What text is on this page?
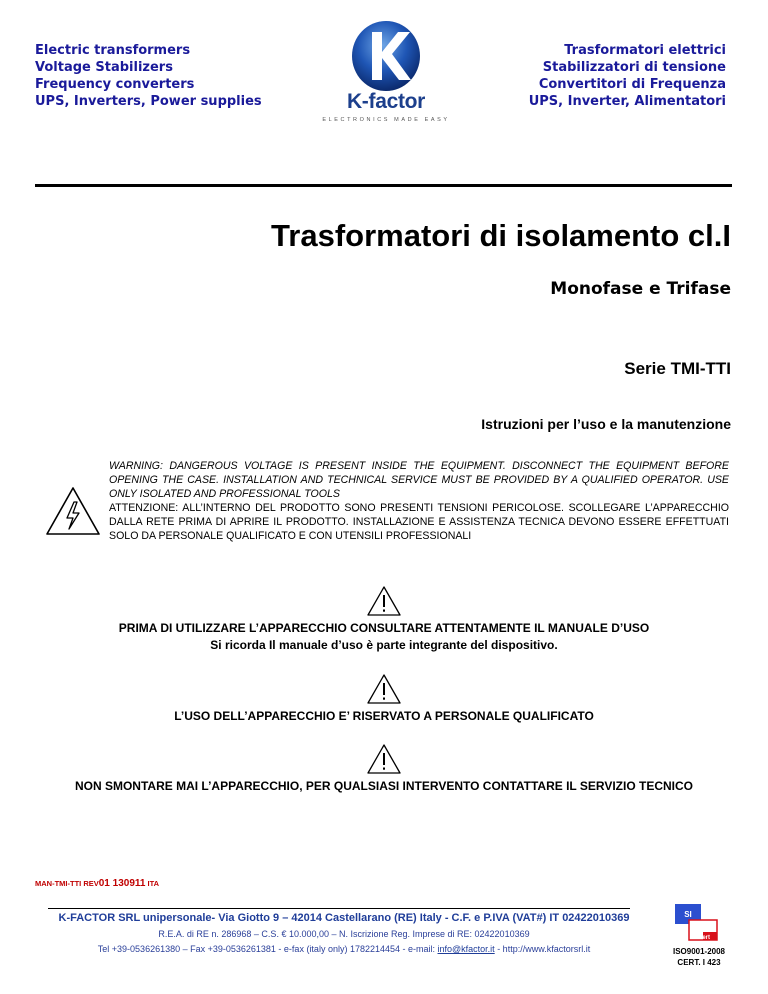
Electric transformers
Voltage Stabilizers
Frequency converters
UPS, Inverters, Power supplies	K-factor
ELECTRONICS MADE EASY
Trasformatori elettrici
Stabilizzatori di tensione
Convertitori di Frequenza
UPS, Inverter, Alimentatori
Trasformatori di isolamento cl.I
Monofase e Trifase
Serie TMI-TTI
Istruzioni per l’uso e la manutenzione
WARNING: DANGEROUS VOLTAGE IS PRESENT INSIDE THE EQUIPMENT. DISCONNECT THE EQUIPMENT BEFORE OPENING THE CASE. INSTALLATION AND TECHNICAL SERVICE MUST BE PROVIDED BY A QUALIFIED OPERATOR. USE ONLY ISOLATED AND PROFESSIONAL TOOLS
ATTENZIONE: ALL’INTERNO DEL PRODOTTO SONO PRESENTI TENSIONI PERICOLOSE. SCOLLEGARE L’APPARECCHIO DALLA RETE PRIMA DI APRIRE IL PRODOTTO. INSTALLAZIONE E ASSISTENZA TECNICA DEVONO ESSERE EFFETTUATI SOLO DA PERSONALE QUALIFICATO E CON UTENSILI PROFESSIONALI
PRIMA DI UTILIZZARE L’APPARECCHIO CONSULTARE ATTENTAMENTE IL MANUALE D’USO
Si ricorda Il manuale d’uso è parte integrante del dispositivo.
L’USO DELL’APPARECCHIO E’ RISERVATO A PERSONALE QUALIFICATO
NON SMONTARE MAI L’APPARECCHIO, PER QUALSIASI INTERVENTO CONTATTARE IL SERVIZIO TECNICO
MAN-TMI-TTI REV01 130911 ITA
K-FACTOR SRL unipersonale- Via Giotto 9 – 42014 Castellarano (RE) Italy - C.F. e P.IVA (VAT#) IT 02422010369
R.E.A. di RE n. 286968 – C.S. € 10.000,00 – N. Iscrizione Reg. Imprese di RE: 02422010369
Tel +39-0536261380 – Fax +39-0536261381 - e-fax (italy only) 1782214454 - e-mail: info@kfactor.it - http://www.kfactorsrl.it
SI
Cert
ISO9001-2008
CERT. I 423
